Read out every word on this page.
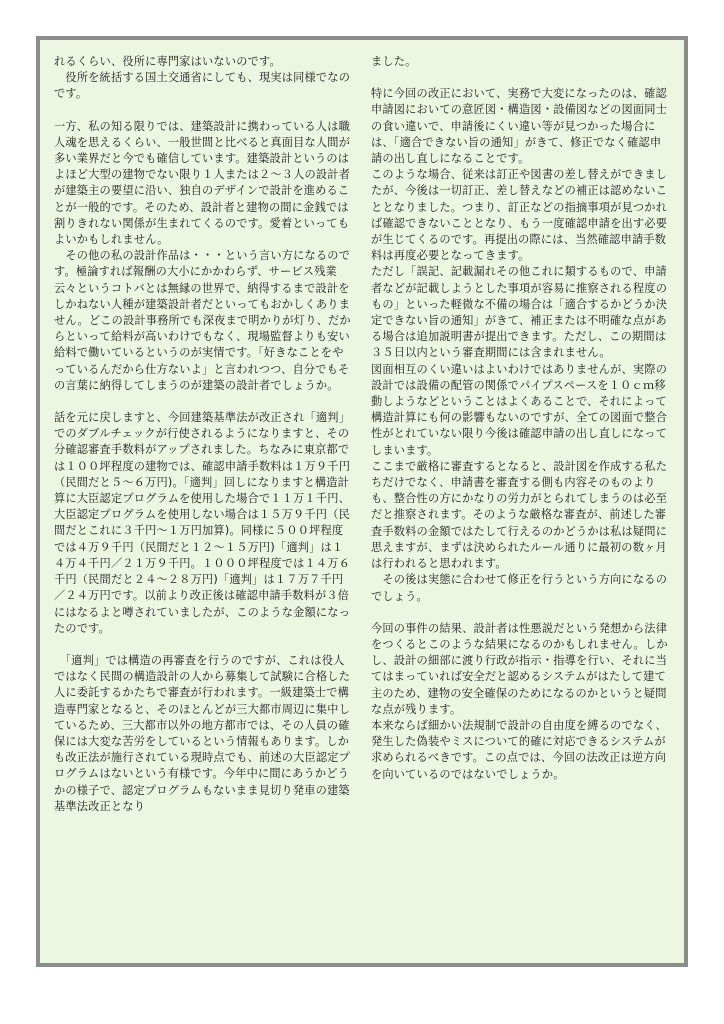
れるくらい、役所に専門家はいないのです。
　役所を統括する国土交通省にしても、現実は同様でなのです。

一方、私の知る限りでは、建築設計に携わっている人は職人魂を思えるくらい、一般世間と比べると真面目な人間が多い業界だと今でも確信しています。建築設計というのはよほど大型の建物でない限り１人または２～３人の設計者が建築主の要望に沿い、独自のデザインで設計を進めることが一般的です。そのため、設計者と建物の間に金銭では割りきれない関係が生まれてくるのです。愛着といってもよいかもしれません。
　その他の私の設計作品は・・・という言い方になるのです。極論すれば報酬の大小にかかわらず、サービス残業云々というコトバとは無縁の世界で、納得するまで設計をしかねない人種が建築設計者だといってもおかしくありません。どこの設計事務所でも深夜まで明かりが灯り、だからといって給料が高いわけでもなく、現場監督よりも安い給料で働いているというのが実情です。「好きなことをやっているんだから仕方ないよ」と言われつつ、自分でもその言葉に納得してしまうのが建築の設計者でしょうか。

話を元に戻しますと、今回建築基準法が改正され「適判」でのダブルチェックが行使されるようになりますと、その分確認審査手数料がアップされました。ちなみに東京都では１００坪程度の建物では、確認申請手数料は１万９千円（民間だと５～６万円)。「適判」回しになりますと構造計算に大臣認定プログラムを使用した場合で１１万１千円、大臣認定プログラムを使用しない場合は１５万９千円（民間だとこれに３千円～１万円加算)。同様に５００坪程度では４万９千円（民間だと１２～１５万円)「適判」は１４万４千円／２１万９千円。１０００坪程度では１４万６千円（民間だと２４～２８万円)「適判」は１７万７千円／２４万円です。以前より改正後は確認申請手数料が３倍にはなるよと噂されていましたが、このような金額になったのです。

　「適判」では構造の再審査を行うのですが、これは役人ではなく民間の構造設計の人から募集して試験に合格した人に委託するかたちで審査が行われます。一級建築士で構造専門家となると、そのほとんどが三大都市周辺に集中しているため、三大都市以外の地方都市では、その人員の確保には大変な苦労をしているという情報もあります。しかも改正法が施行されている現時点でも、前述の大臣認定プログラムはないという有様です。今年中に間にあうかどうかの様子で、認定プログラムもないまま見切り発車の建築基準法改正となり

ました。

特に今回の改正において、実務で大変になったのは、確認申請図においての意匠図・構造図・設備図などの図面同士の食い違いで、申請後にくい違い等が見つかった場合には、「適合できない旨の通知」がきて、修正でなく確認申請の出し直しになることです。
このような場合、従来は訂正や図書の差し替えができましたが、今後は一切訂正、差し替えなどの補正は認めないこととなりました。つまり、訂正などの指摘事項が見つかれば確認できないこととなり、もう一度確認申請を出す必要が生じてくるのです。再提出の際には、当然確認申請手数料は再度必要となってきます。
ただし「誤記、記載漏れその他これに類するもので、申請者などが記載しようとした事項が容易に推察される程度のもの」といった軽微な不備の場合は「適合するかどうか決定できない旨の通知」がきて、補正または不明確な点がある場合は追加説明書が提出できます。ただし、この期間は３５日以内という審査期間には含まれません。
図面相互のくい違いはよいわけではありませんが、実際の設計では設備の配管の関係でパイプスペースを１０ｃｍ移動しようなどということはよくあることで、それによって構造計算にも何の影響もないのですが、全ての図面で整合性がとれていない限り今後は確認申請の出し直しになってしまいます。
ここまで厳格に審査するとなると、設計図を作成する私たちだけでなく、申請書を審査する側も内容そのものよりも、整合性の方にかなりの労力がとられてしまうのは必至だと推察されます。そのような厳格な審査が、前述した審査手数料の金額ではたして行えるのかどうかは私は疑問に思えますが、まずは決められたルール通りに最初の数ヶ月は行われると思われます。
　その後は実態に合わせて修正を行うという方向になるのでしょう。

今回の事件の結果、設計者は性悪説だという発想から法律をつくるとこのような結果になるのかもしれません。しかし、設計の細部に渡り行政が指示・指導を行い、それに当てはまっていれば安全だと認めるシステムがはたして建て主のため、建物の安全確保のためになるのかというと疑問な点が残ります。
本来ならば細かい法規制で設計の自由度を縛るのでなく、発生した偽装やミスについて的確に対応できるシステムが求められるべきです。この点では、今回の法改正は逆方向を向いているのではないでしょうか。
